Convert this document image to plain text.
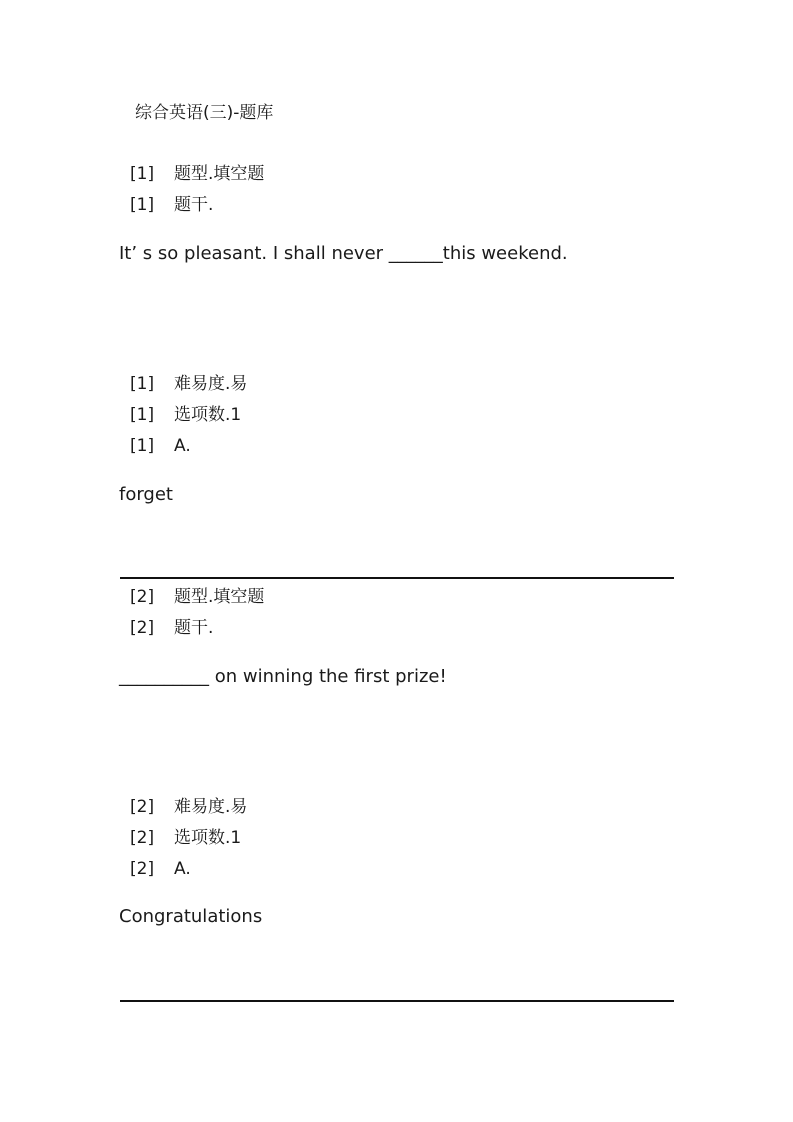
综合英语(三)-题库
[1] 题型.填空题
[1] 题干.
It’ s so pleasant. I shall never ______this weekend.
[1] 难易度.易
[1] 选项数.1
[1] A.
forget
[2] 题型.填空题
[2] 题干.
__________ on winning the first prize!
[2] 难易度.易
[2] 选项数.1
[2] A.
Congratulations
